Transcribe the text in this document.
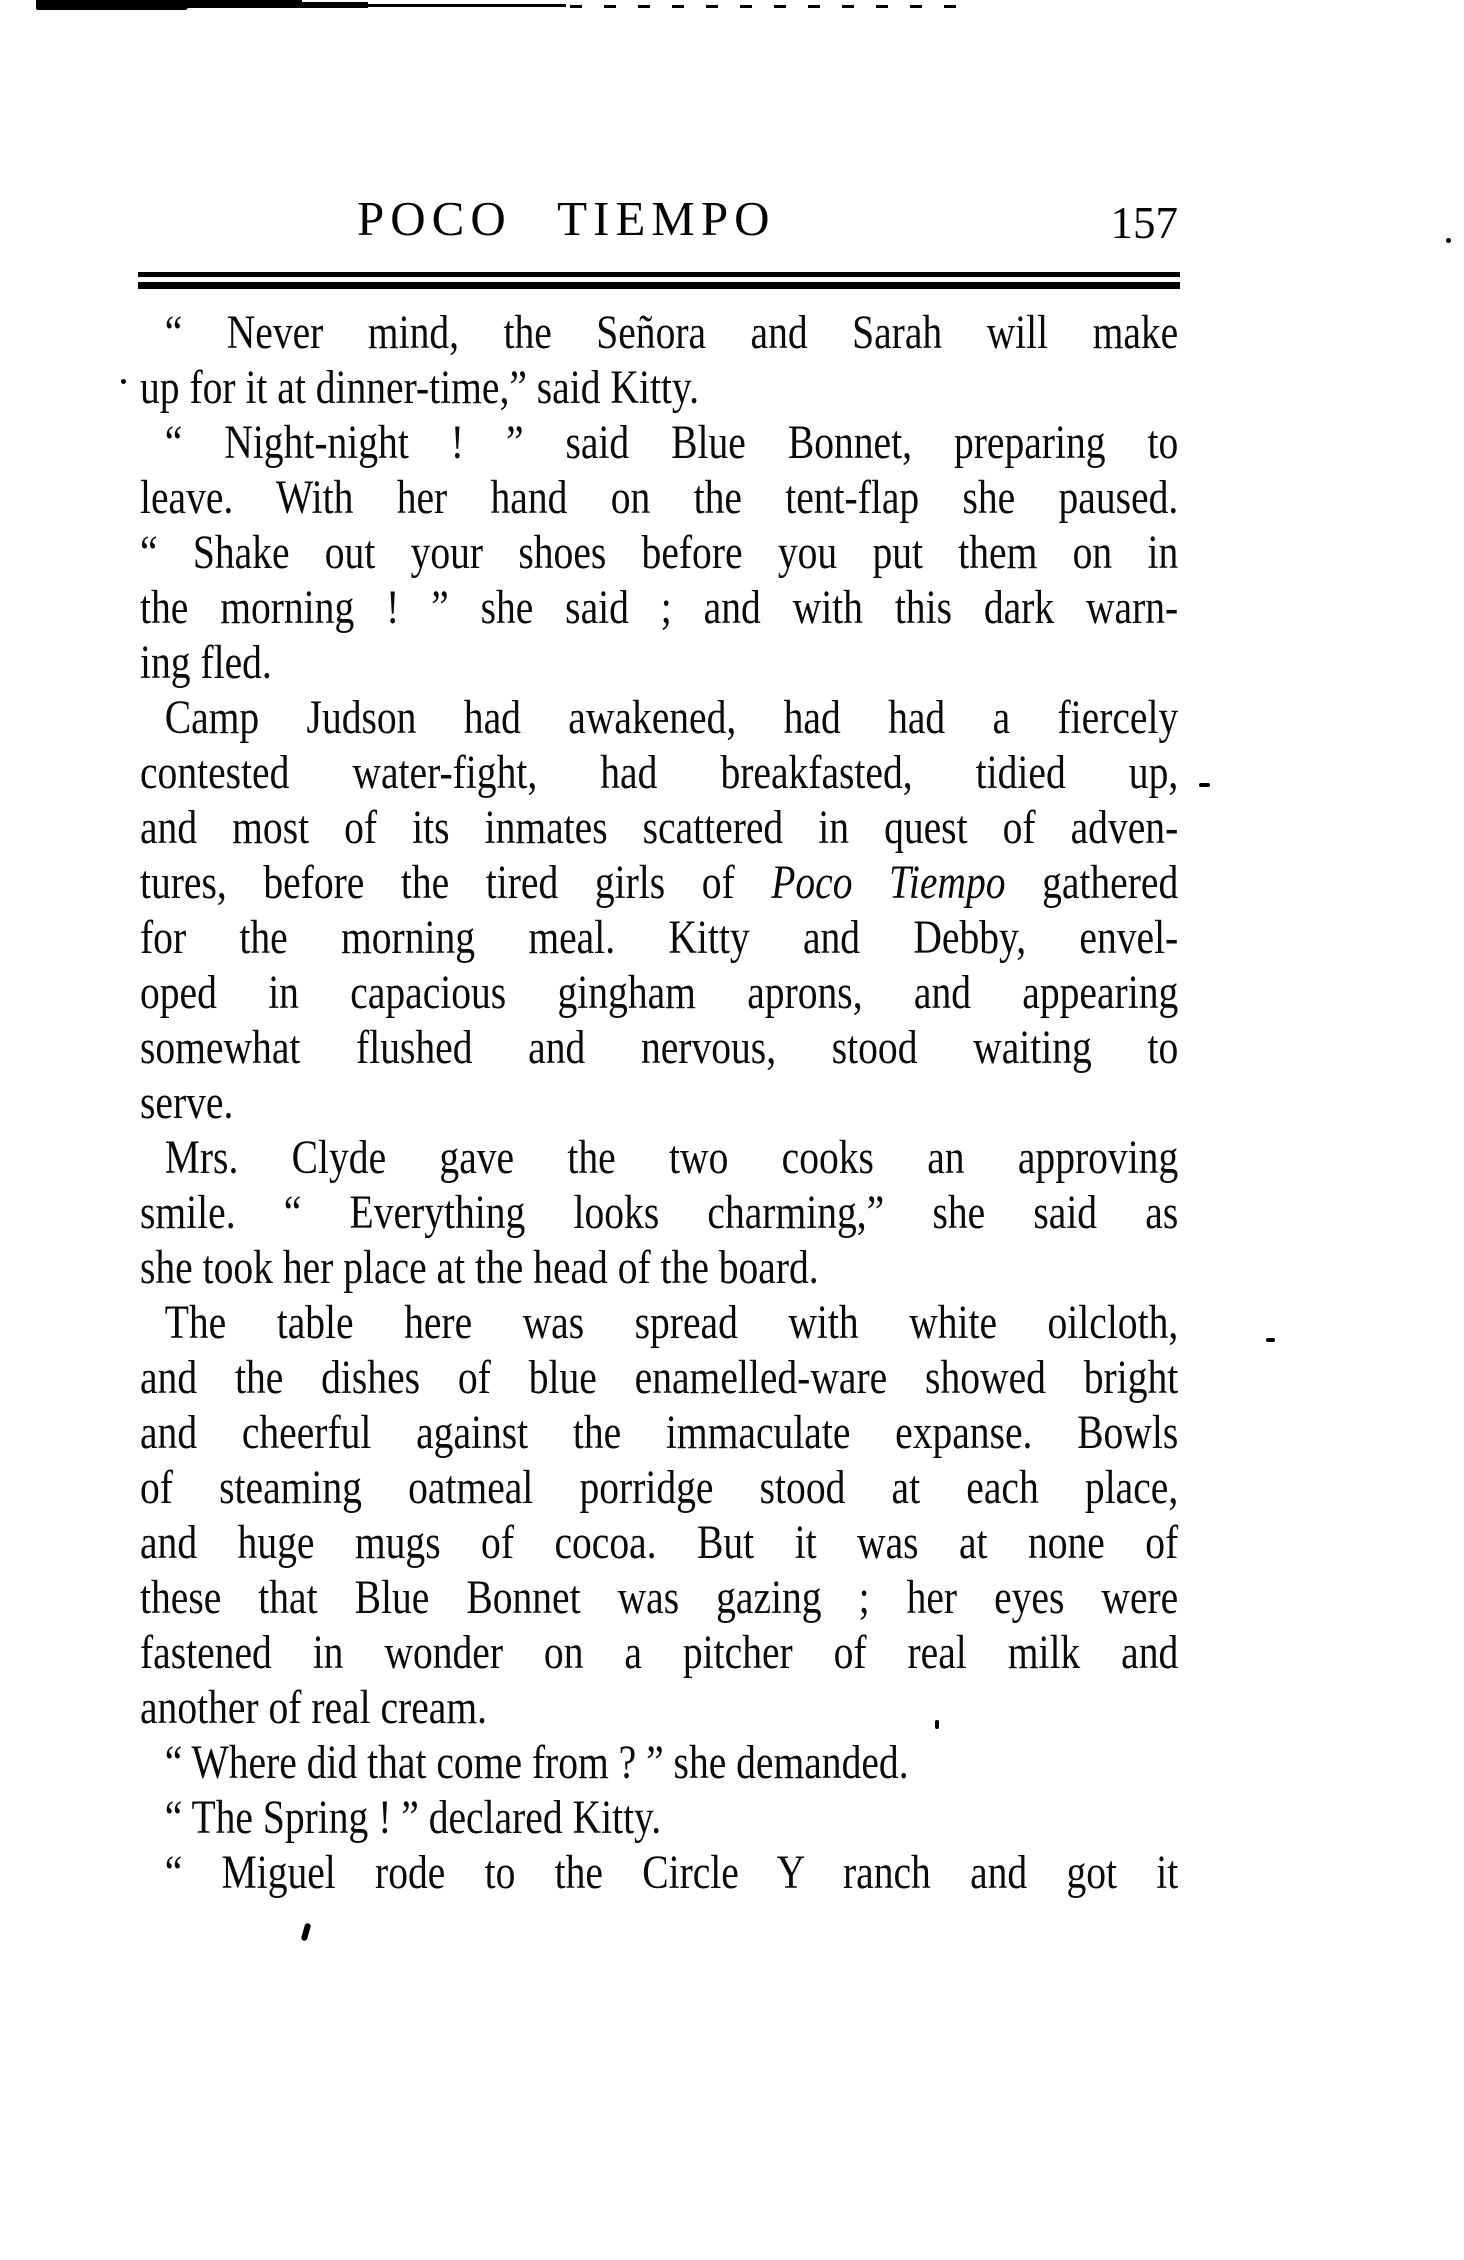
POCO TIEMPO	157
“ Never mind, the Señora and Sarah will make
up for it at dinner-time,” said Kitty.
“ Night-night ! ” said Blue Bonnet, preparing to
leave. With her hand on the tent-flap she paused.
“ Shake out your shoes before you put them on in
the morning ! ” she said ; and with this dark warn-
ing fled.
Camp Judson had awakened, had had a fiercely
contested water-fight, had breakfasted, tidied up,
and most of its inmates scattered in quest of adven-
tures, before the tired girls of Poco Tiempo gathered
for the morning meal. Kitty and Debby, envel-
oped in capacious gingham aprons, and appearing
somewhat flushed and nervous, stood waiting to
serve.
Mrs. Clyde gave the two cooks an approving
smile. “ Everything looks charming,” she said as
she took her place at the head of the board.
The table here was spread with white oilcloth,
and the dishes of blue enamelled-ware showed bright
and cheerful against the immaculate expanse. Bowls
of steaming oatmeal porridge stood at each place,
and huge mugs of cocoa. But it was at none of
these that Blue Bonnet was gazing ; her eyes were
fastened in wonder on a pitcher of real milk and
another of real cream.
“ Where did that come from ? ” she demanded.
“ The Spring ! ” declared Kitty.
“ Miguel rode to the Circle Y ranch and got it
